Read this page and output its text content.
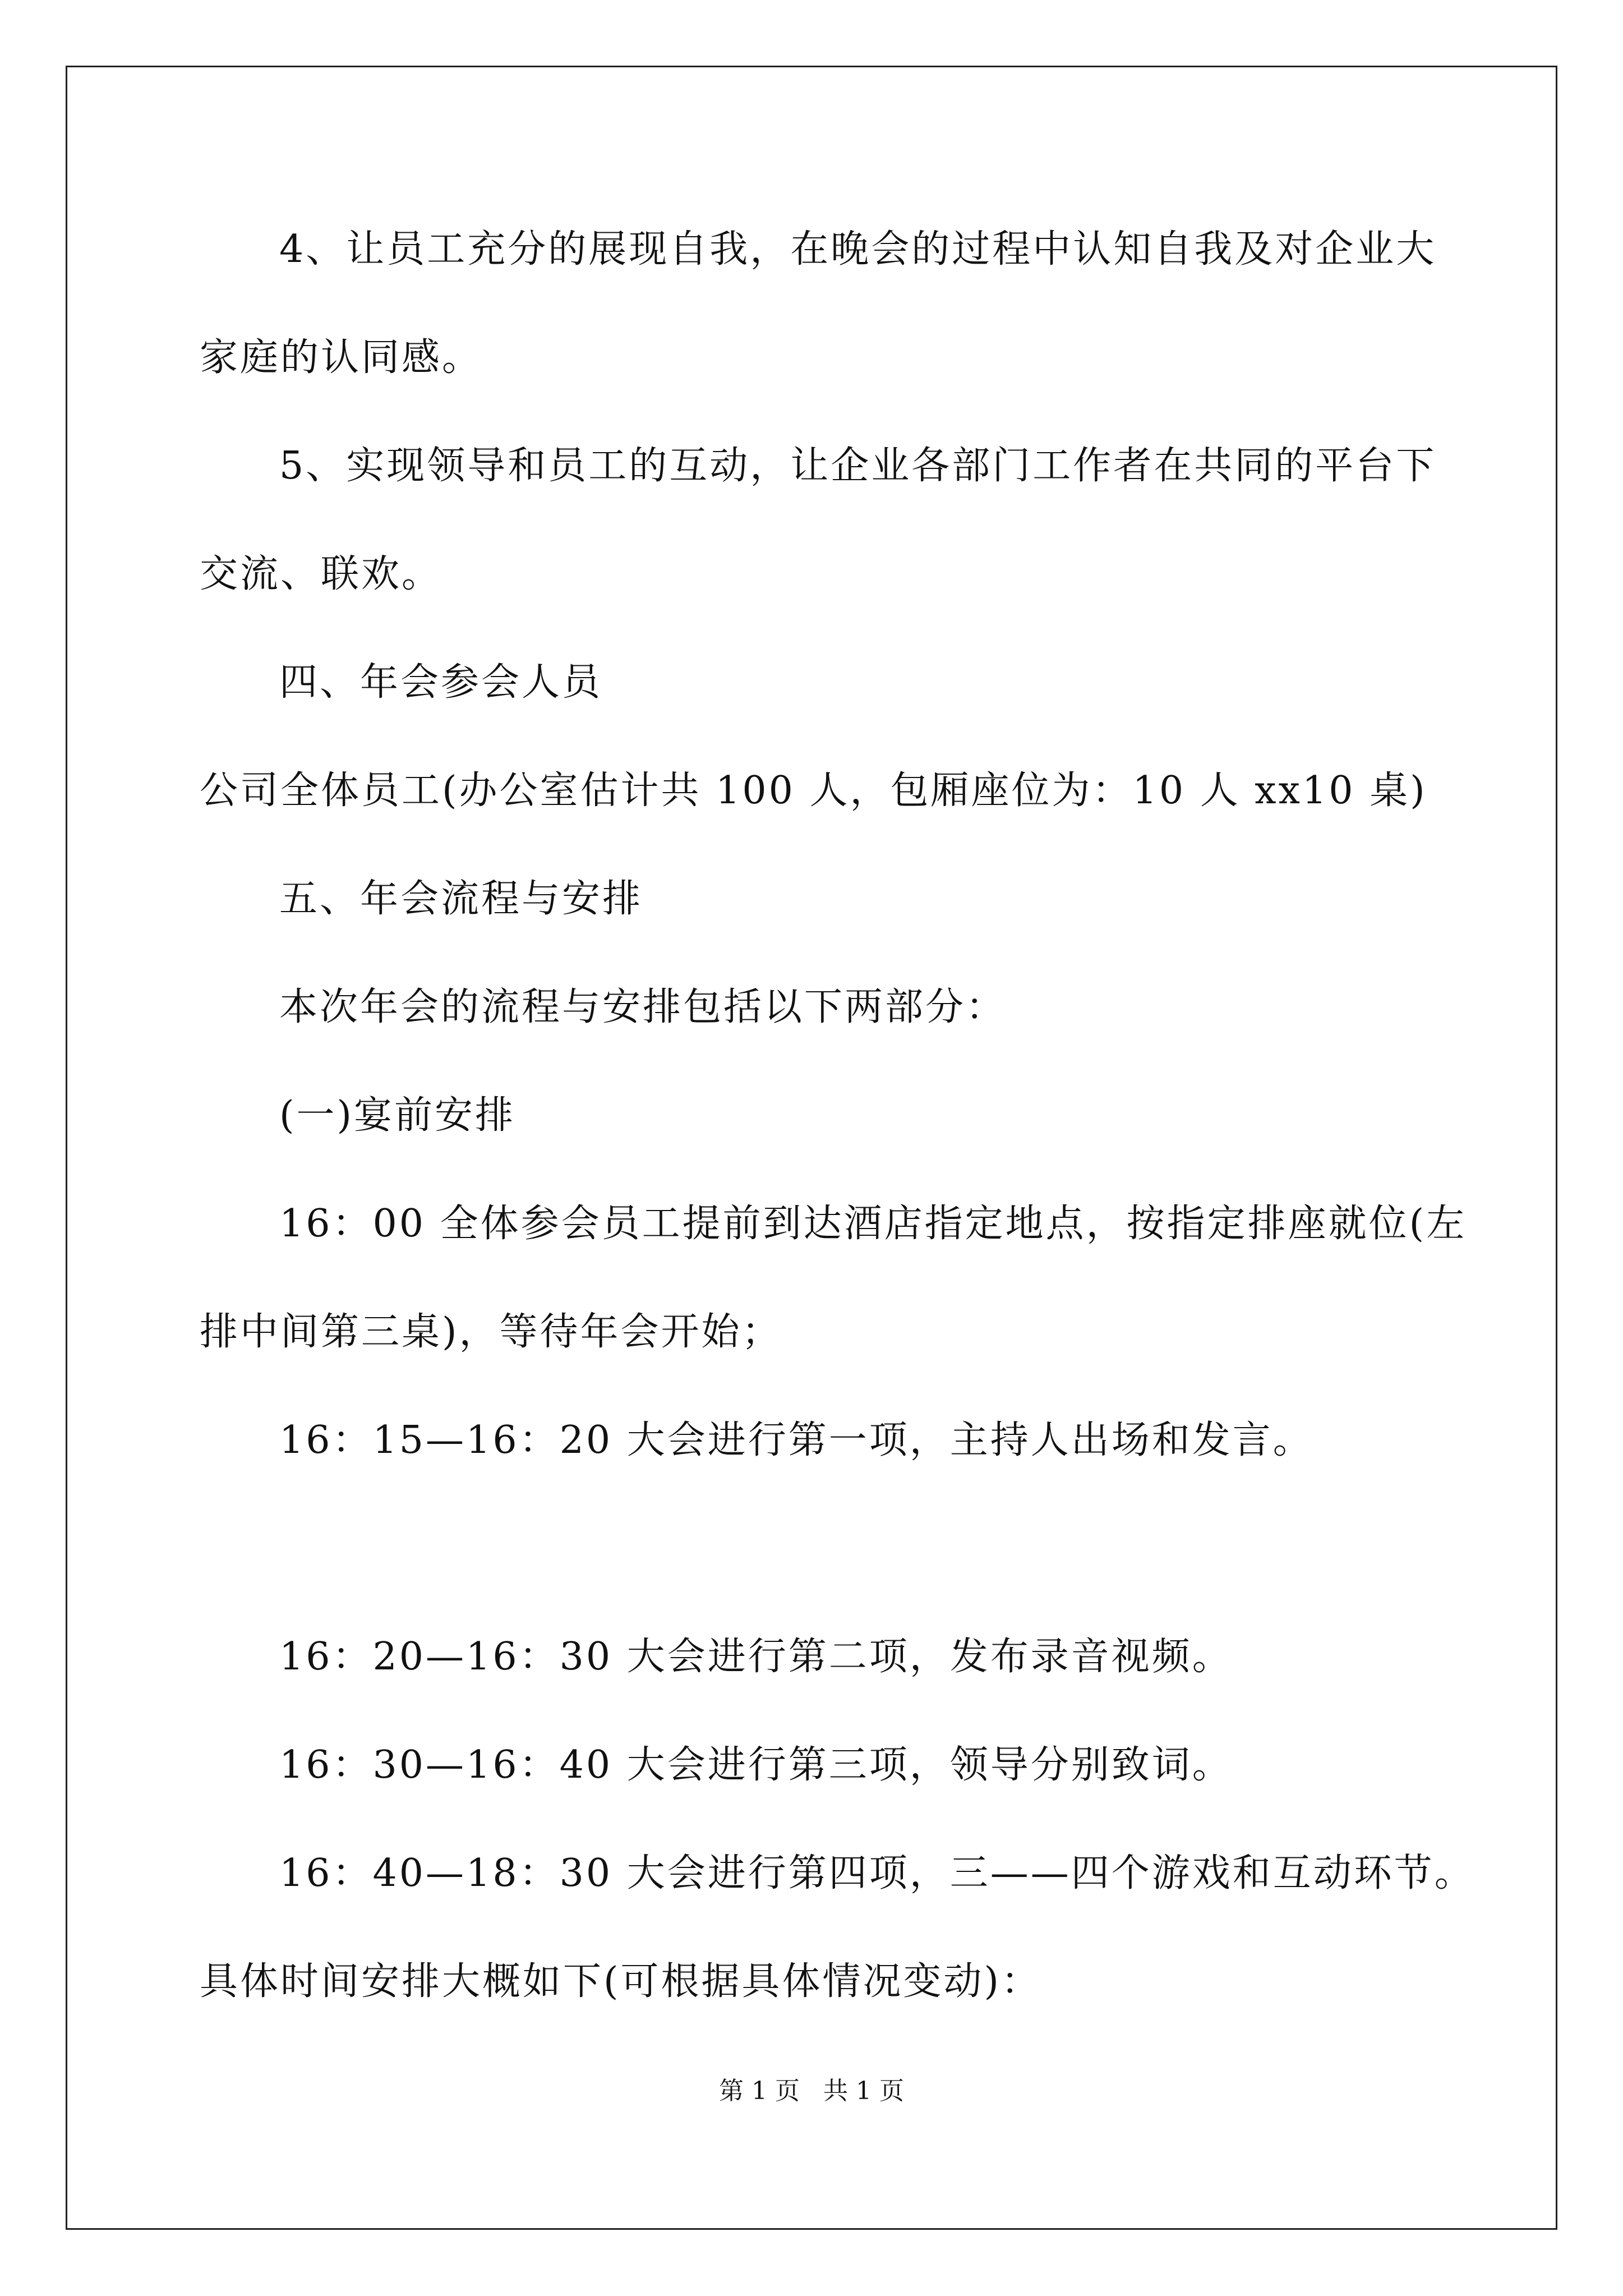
4、让员工充分的展现自我，在晚会的过程中认知自我及对企业大
家庭的认同感。
5、实现领导和员工的互动，让企业各部门工作者在共同的平台下
交流、联欢。
四、年会参会人员
公司全体员工(办公室估计共 100 人，包厢座位为：10 人 xx10 桌)
五、年会流程与安排
本次年会的流程与安排包括以下两部分：
(一)宴前安排
16：00 全体参会员工提前到达酒店指定地点，按指定排座就位(左
排中间第三桌)，等待年会开始；
16：15—16：20 大会进行第一项，主持人出场和发言。
16：20—16：30 大会进行第二项，发布录音视频。
16：30—16：40 大会进行第三项，领导分别致词。
16：40—18：30 大会进行第四项，三——四个游戏和互动环节。
具体时间安排大概如下(可根据具体情况变动)：
第 1 页   共 1 页
